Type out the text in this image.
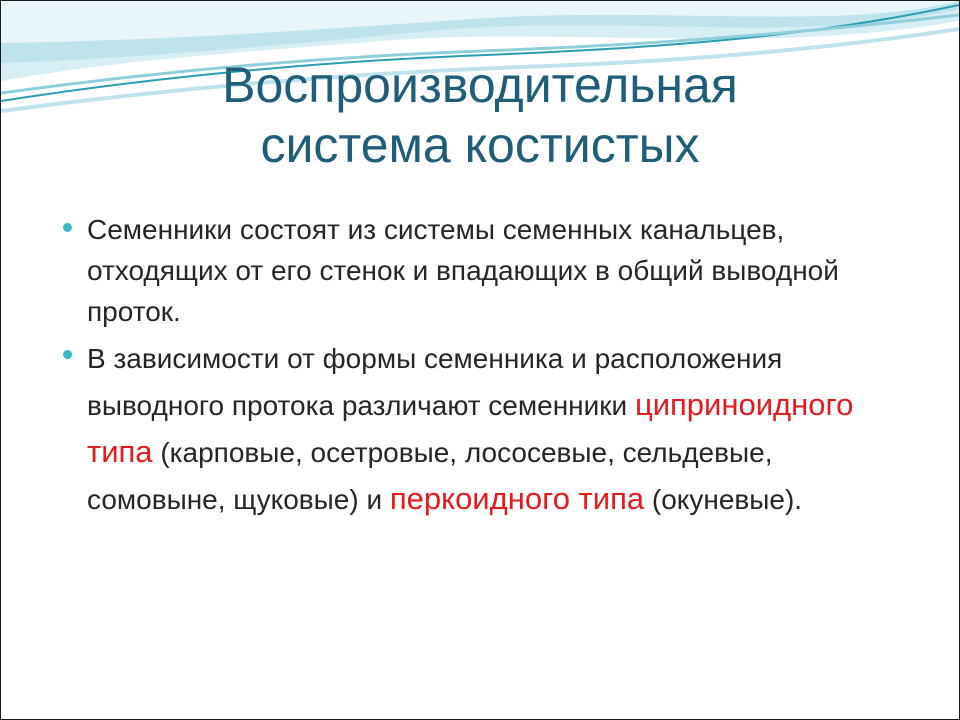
Воспроизводительная
система костистых
Семенники состоят из системы семенных канальцев, отходящих от его стенок и впадающих в общий выводной проток.
В зависимости от формы семенника и расположения выводного протока различают семенники циприноидного типа (карповые, осетровые, лососевые, сельдевые, сомовыне, щуковые) и перкоидного типа (окуневые).
